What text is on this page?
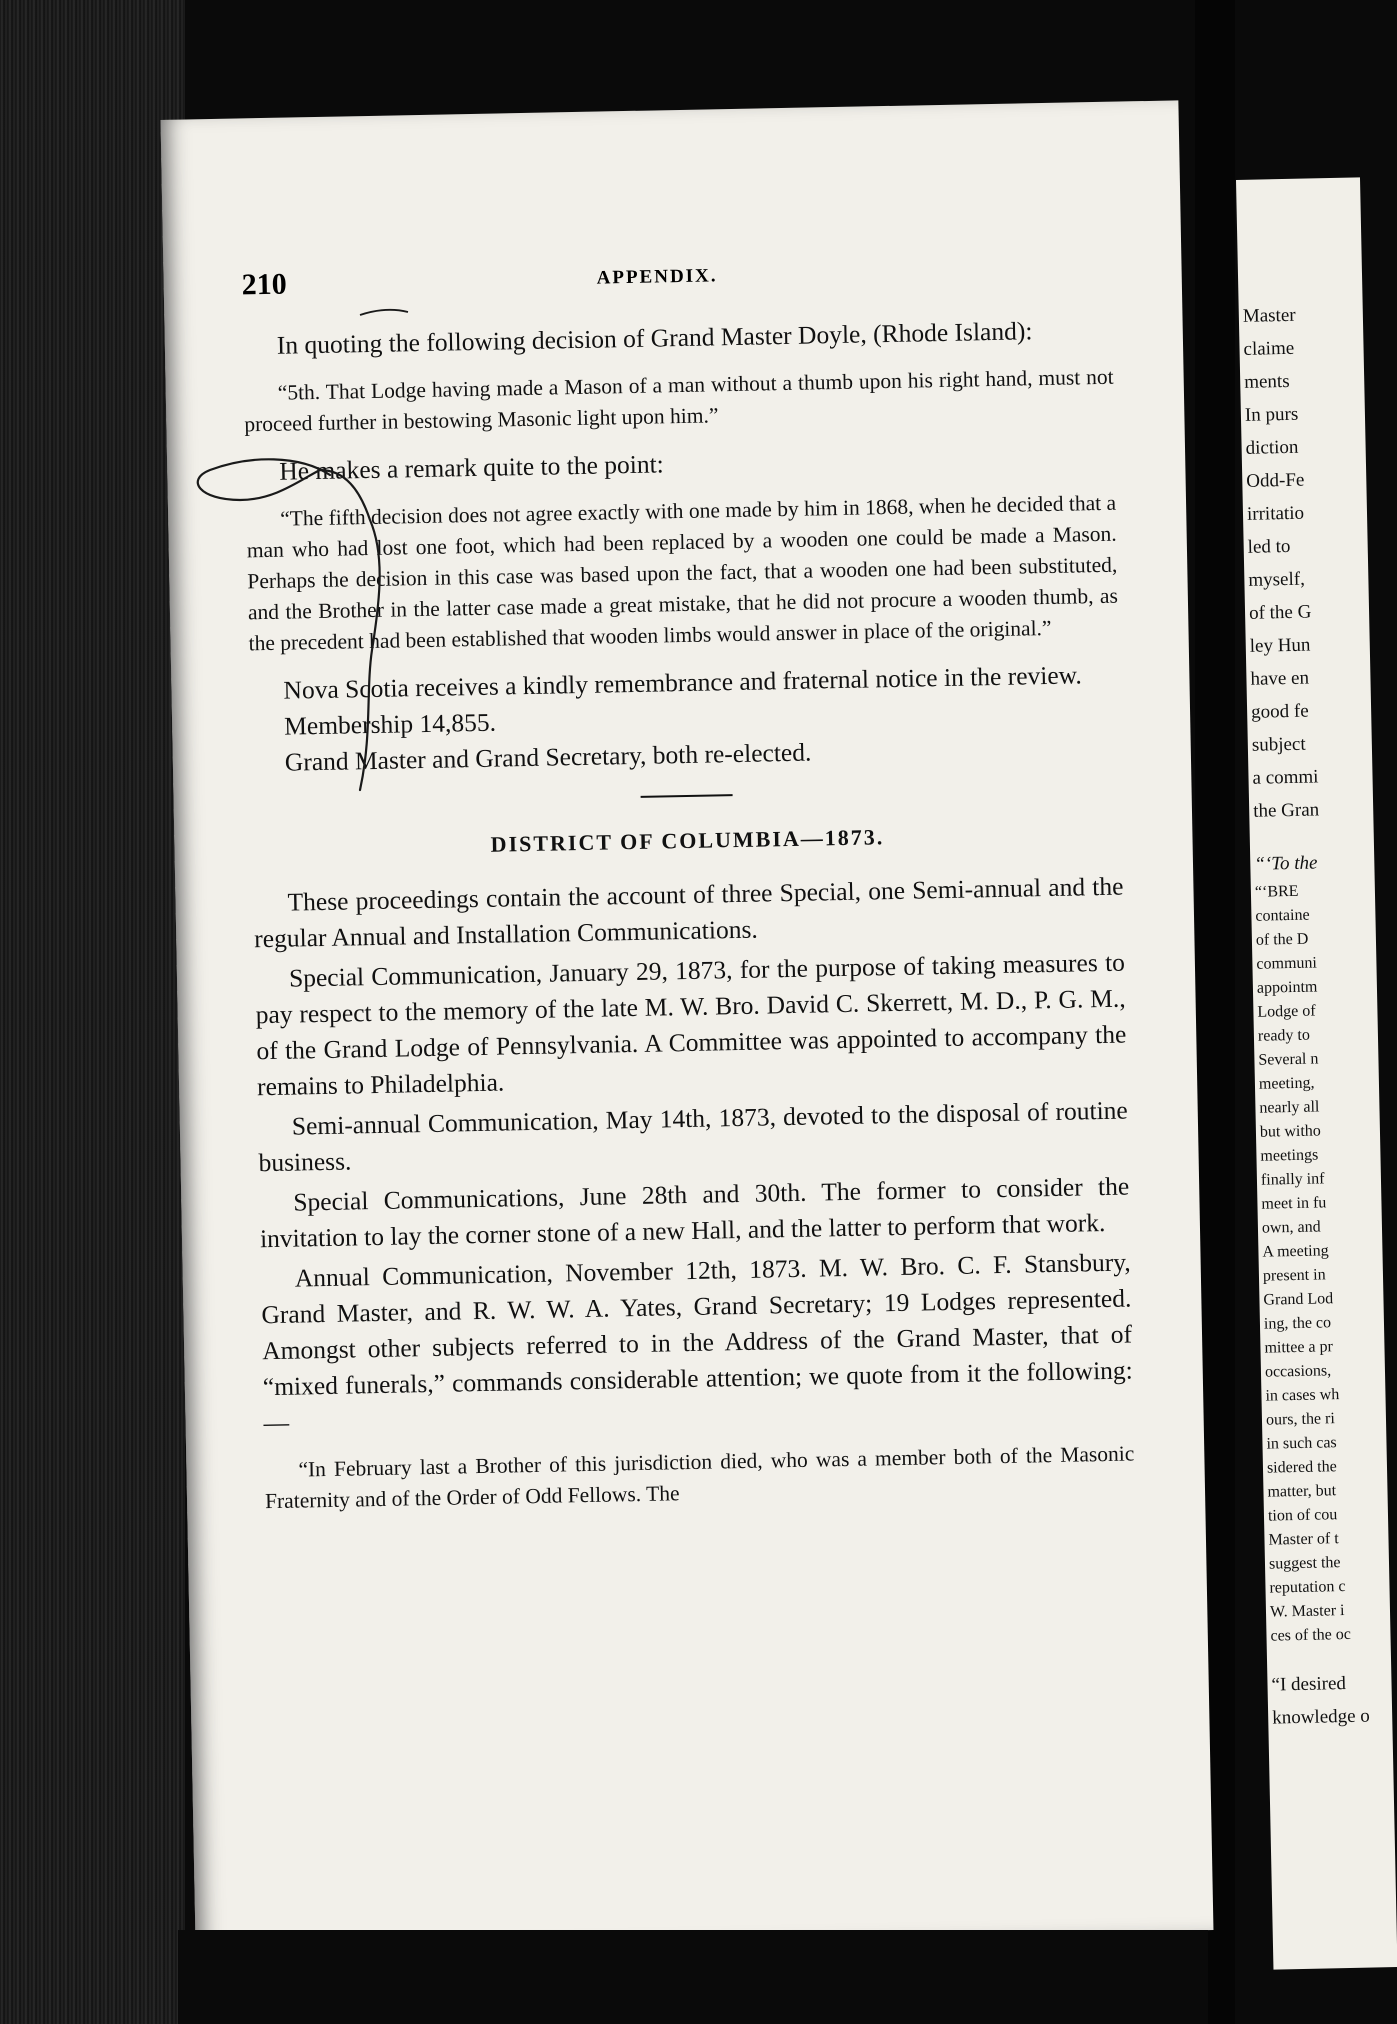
210	APPENDIX.

In quoting the following decision of Grand Master Doyle, (Rhode Island):

“5th. That Lodge having made a Mason of a man without a thumb upon his right hand, must not proceed further in bestowing Masonic light upon him.”

He makes a remark quite to the point:

“The fifth decision does not agree exactly with one made by him in 1868, when he decided that a man who had lost one foot, which had been replaced by a wooden one could be made a Mason. Perhaps the decision in this case was based upon the fact, that a wooden one had been substituted, and the Brother in the latter case made a great mistake, that he did not procure a wooden thumb, as the precedent had been established that wooden limbs would answer in place of the original.”

Nova Scotia receives a kindly remembrance and fraternal notice in the review.

Membership 14,855.

Grand Master and Grand Secretary, both re-elected.

DISTRICT OF COLUMBIA—1873.

These proceedings contain the account of three Special, one Semi-annual and the regular Annual and Installation Communications.

Special Communication, January 29, 1873, for the purpose of taking measures to pay respect to the memory of the late M. W. Bro. David C. Skerrett, M. D., P. G. M., of the Grand Lodge of Pennsylvania. A Committee was appointed to accompany the remains to Philadelphia.

Semi-annual Communication, May 14th, 1873, devoted to the disposal of routine business.

Special Communications, June 28th and 30th. The former to consider the invitation to lay the corner stone of a new Hall, and the latter to perform that work.

Annual Communication, November 12th, 1873. M. W. Bro. C. F. Stansbury, Grand Master, and R. W. W. A. Yates, Grand Secretary; 19 Lodges represented. Amongst other subjects referred to in the Address of the Grand Master, that of “mixed funerals,” commands considerable attention; we quote from it the following:—

“In February last a Brother of this jurisdiction died, who was a member both of the Masonic Fraternity and of the Order of Odd Fellows. The

Master
claime
ments
In purs
diction
Odd-Fe
irritatio
led to
myself,
of the G
ley Hun
have en
good fe
subject
a commi
the Gran
“‘To the
“‘BRE
containe
of the D
communi
appointm
Lodge of
ready to
Several n
meeting,
nearly all
but witho
meetings
finally inf
meet in fu
own, and
A meeting
present in
Grand Lod
ing, the co
mittee a pr
occasions,
in cases wh
ours, the ri
in such cas
sidered the
matter, but
tion of cou
Master of t
suggest the
reputation c
W. Master i
ces of the oc
“I desired
knowledge o
